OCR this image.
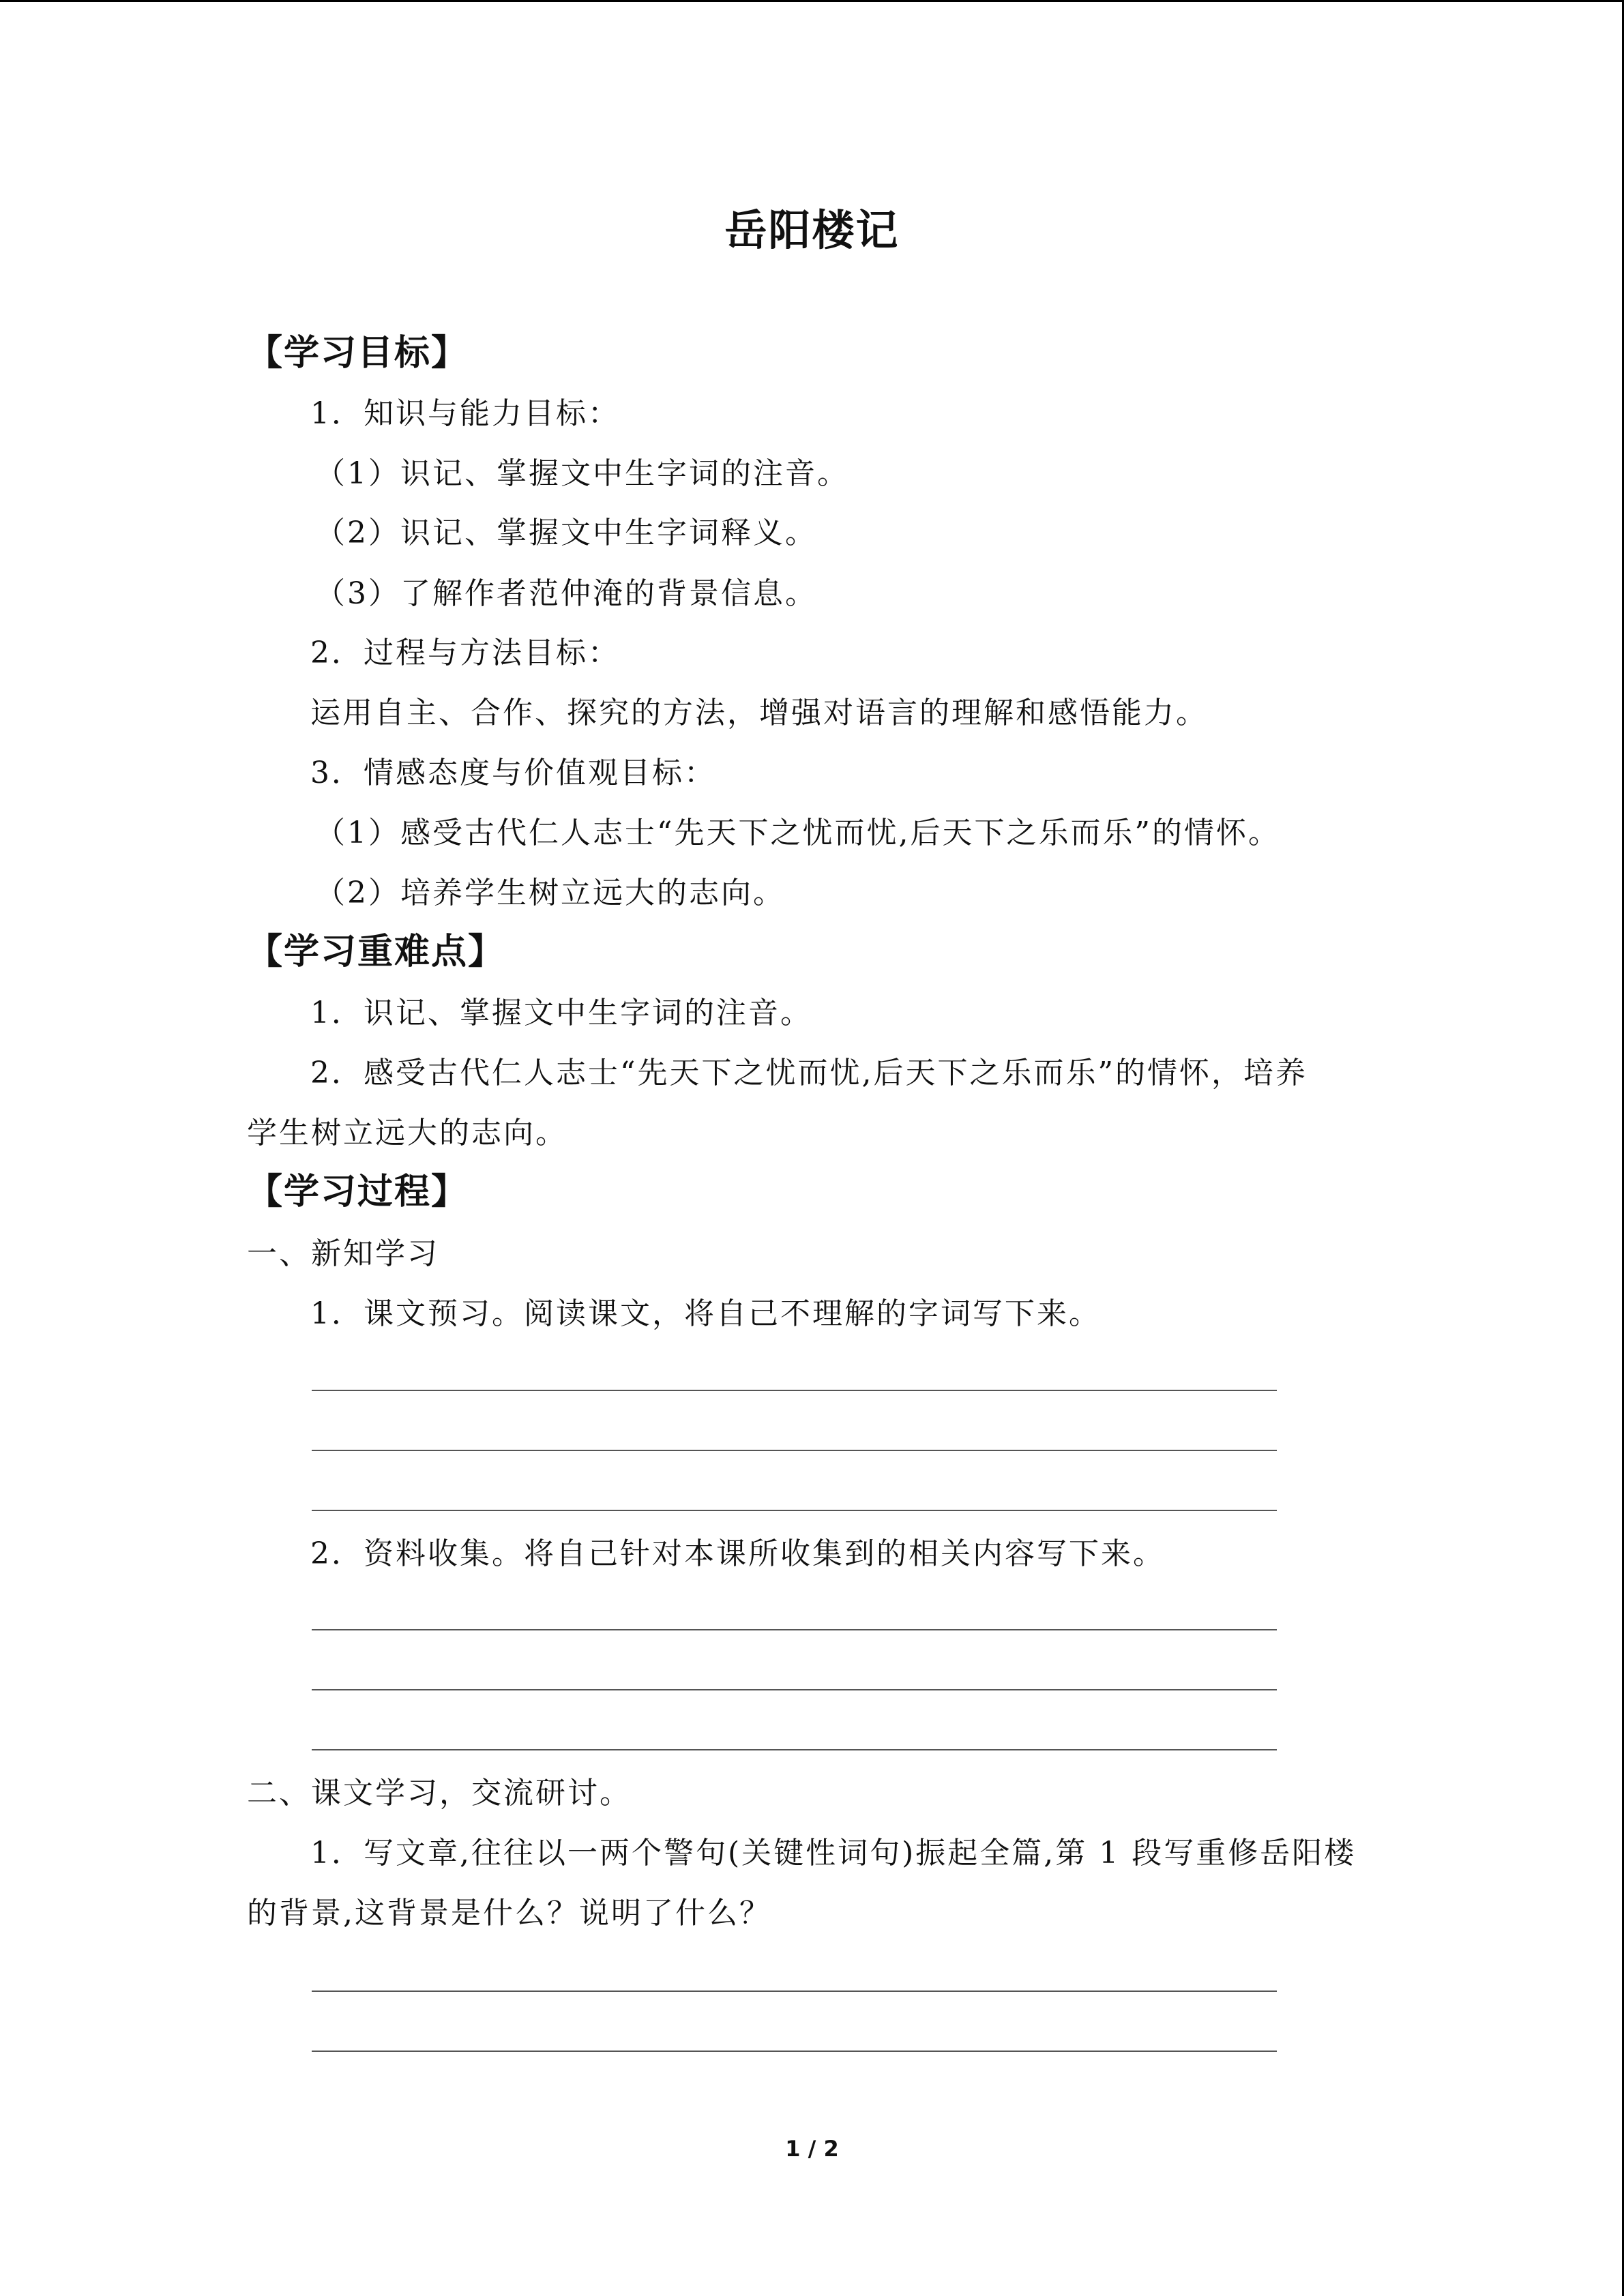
岳阳楼记
【学习目标】
1．知识与能力目标：
（1）识记、掌握文中生字词的注音。
（2）识记、掌握文中生字词释义。
（3）了解作者范仲淹的背景信息。
2．过程与方法目标：
运用自主、合作、探究的方法，增强对语言的理解和感悟能力。
3．情感态度与价值观目标：
（1）感受古代仁人志士“先天下之忧而忧,后天下之乐而乐”的情怀。
（2）培养学生树立远大的志向。
【学习重难点】
1．识记、掌握文中生字词的注音。
2．感受古代仁人志士“先天下之忧而忧,后天下之乐而乐”的情怀，培养
学生树立远大的志向。
【学习过程】
一、新知学习
1．课文预习。阅读课文，将自己不理解的字词写下来。
2．资料收集。将自己针对本课所收集到的相关内容写下来。
二、课文学习，交流研讨。
1．写文章,往往以一两个警句(关键性词句)振起全篇,第 1 段写重修岳阳楼
的背景,这背景是什么？说明了什么？
1 / 2
